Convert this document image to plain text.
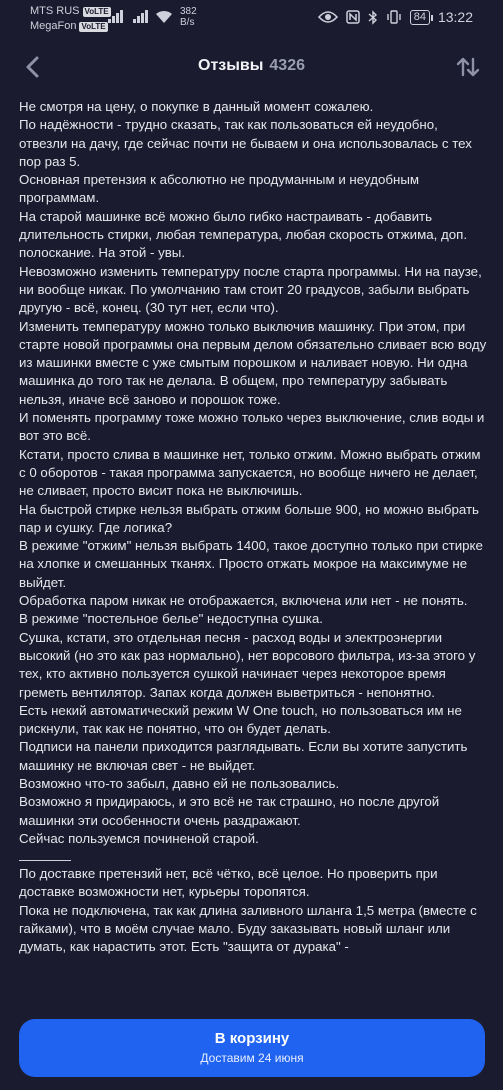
MTS RUS VoLTE
MegaFon VoLTE
382
B/s	84 13:22
Отзывы 4326

Не смотря на цену, о покупке в данный момент сожалею.

По надёжности - трудно сказать, так как пользоваться ей неудобно, отвезли на дачу, где сейчас почти не бываем и она использовалась с тех пор раз 5.

Основная претензия к абсолютно не продуманным и неудобным программам.

На старой машинке всё можно было гибко настраивать - добавить длительность стирки, любая температура, любая скорость отжима, доп. полоскание. На этой - увы.

Невозможно изменить температуру после старта программы. Ни на паузе, ни вообще никак. По умолчанию там стоит 20 градусов, забыли выбрать другую - всё, конец. (30 тут нет, если что).

Изменить температуру можно только выключив машинку. При этом, при старте новой программы она первым делом обязательно сливает всю воду из машинки вместе с уже смытым порошком и наливает новую. Ни одна машинка до того так не делала. В общем, про температуру забывать нельзя, иначе всё заново и порошок тоже.

И поменять программу тоже можно только через выключение, слив воды и вот это всё.

Кстати, просто слива в машинке нет, только отжим. Можно выбрать отжим с 0 оборотов - такая программа запускается, но вообще ничего не делает, не сливает, просто висит пока не выключишь.

На быстрой стирке нельзя выбрать отжим больше 900, но можно выбрать пар и сушку. Где логика?

В режиме "отжим" нельзя выбрать 1400, такое доступно только при стирке на хлопке и смешанных тканях. Просто отжать мокрое на максимуме не выйдет.

Обработка паром никак не отображается, включена или нет - не понять.

В режиме "постельное белье" недоступна сушка.

Сушка, кстати, это отдельная песня - расход воды и электроэнергии высокий (но это как раз нормально), нет ворсового фильтра, из-за этого у тех, кто активно пользуется сушкой начинает через некоторое время греметь вентилятор. Запах когда должен выветриться - непонятно.

Есть некий автоматический режим W One touch, но пользоваться им не рискнули, так как не понятно, что он будет делать.

Подписи на панели приходится разглядывать. Если вы хотите запустить машинку не включая свет - не выйдет.

Возможно что-то забыл, давно ей не пользовались.

Возможно я придираюсь, и это всё не так страшно, но после другой машинки эти особенности очень раздражают.

Сейчас пользуемся починеной старой.

По доставке претензий нет, всё чётко, всё целое. Но проверить при доставке возможности нет, курьеры торопятся.

Пока не подключена, так как длина заливного шланга 1,5 метра (вместе с гайками), что в моём случае мало. Буду заказывать новый шланг или думать, как нарастить этот. Есть "защита от дурака" -

В корзину
Доставим 24 июня
